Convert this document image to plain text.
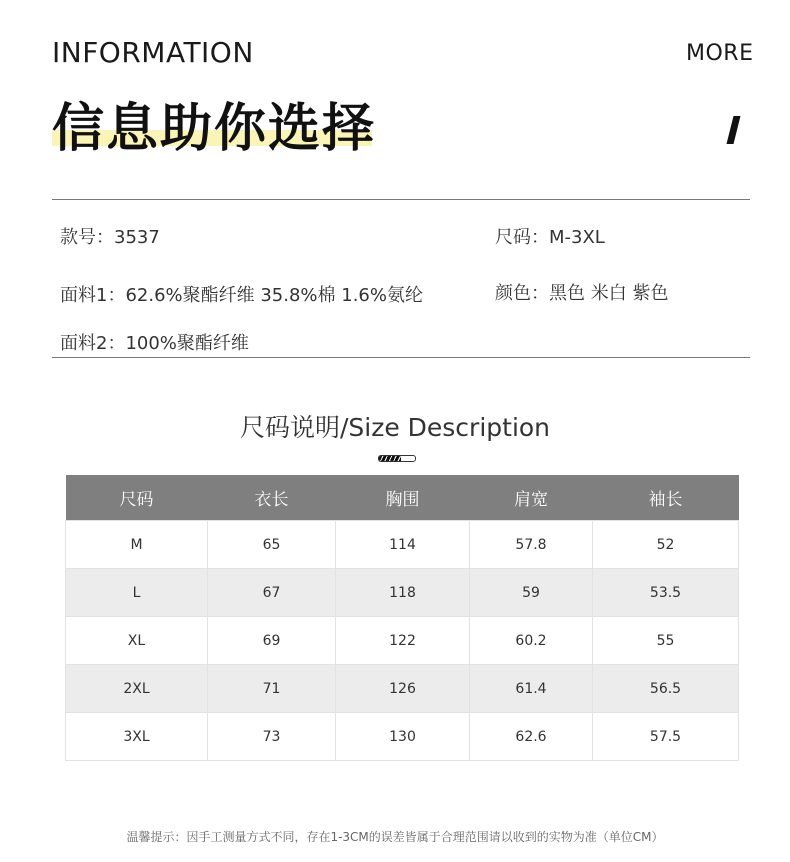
INFORMATION	MORE
信息助你选择
款号：3537	尺码：M-3XL
面料1：62.6%聚酯纤维 35.8%棉 1.6%氨纶	颜色：黑色 米白 紫色
面料2：100%聚酯纤维
尺码说明/Size Description
尺码	衣长	胸围	肩宽	袖长
M	65	114	57.8	52
L	67	118	59	53.5
XL	69	122	60.2	55
2XL	71	126	61.4	56.5
3XL	73	130	62.6	57.5
温馨提示：因手工测量方式不同，存在1-3CM的误差皆属于合理范围请以收到的实物为准（单位CM）
